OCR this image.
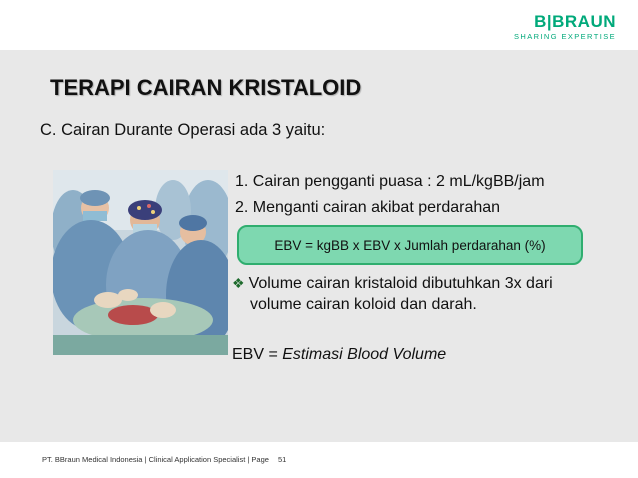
B|BRAUN
SHARING EXPERTISE
TERAPI CAIRAN KRISTALOID
C. Cairan Durante Operasi ada 3 yaitu:
1. Cairan pengganti puasa : 2 mL/kgBB/jam
2. Menganti cairan akibat perdarahan
EBV = kgBB x EBV x Jumlah perdarahan (%)
❖ Volume cairan kristaloid dibutuhkan 3x dari
volume cairan koloid dan darah.
EBV = Estimasi Blood Volume
PT. BBraun Medical Indonesia | Clinical Application Specialist | Page 51
